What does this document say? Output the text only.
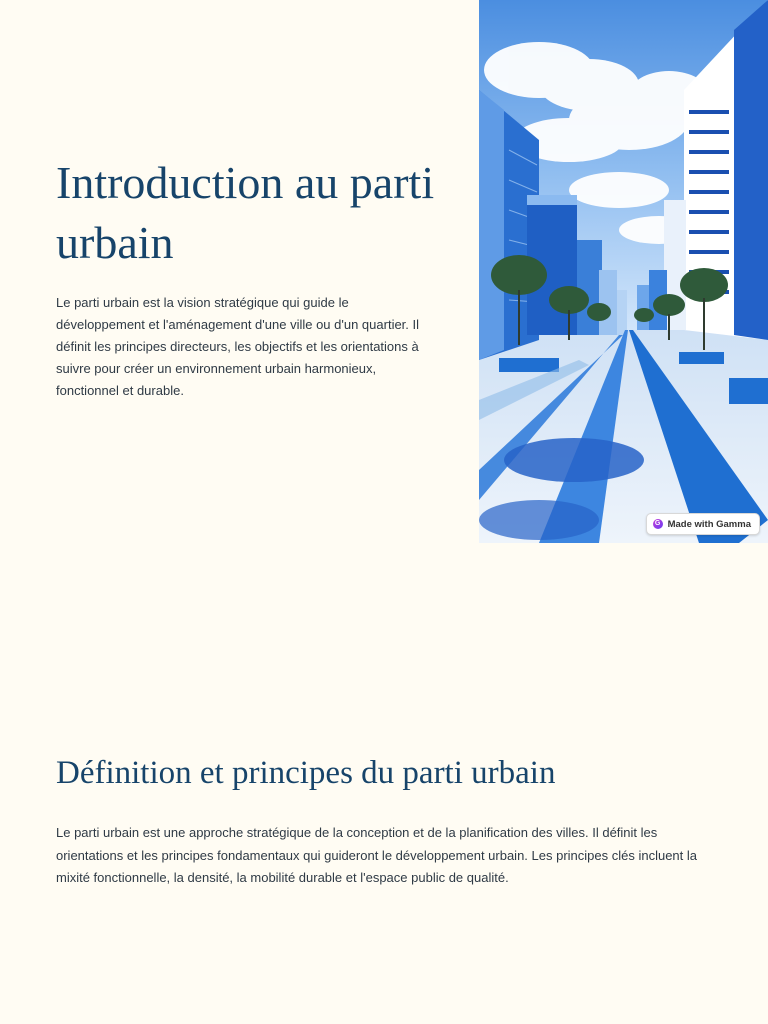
Introduction au parti urbain

Le parti urbain est la vision stratégique qui guide le développement et l'aménagement d'une ville ou d'un quartier. Il définit les principes directeurs, les objectifs et les orientations à suivre pour créer un environnement urbain harmonieux, fonctionnel et durable.

G Made with Gamma
Définition et principes du parti urbain

Le parti urbain est une approche stratégique de la conception et de la planification des villes. Il définit les orientations et les principes fondamentaux qui guideront le développement urbain. Les principes clés incluent la mixité fonctionnelle, la densité, la mobilité durable et l'espace public de qualité.
